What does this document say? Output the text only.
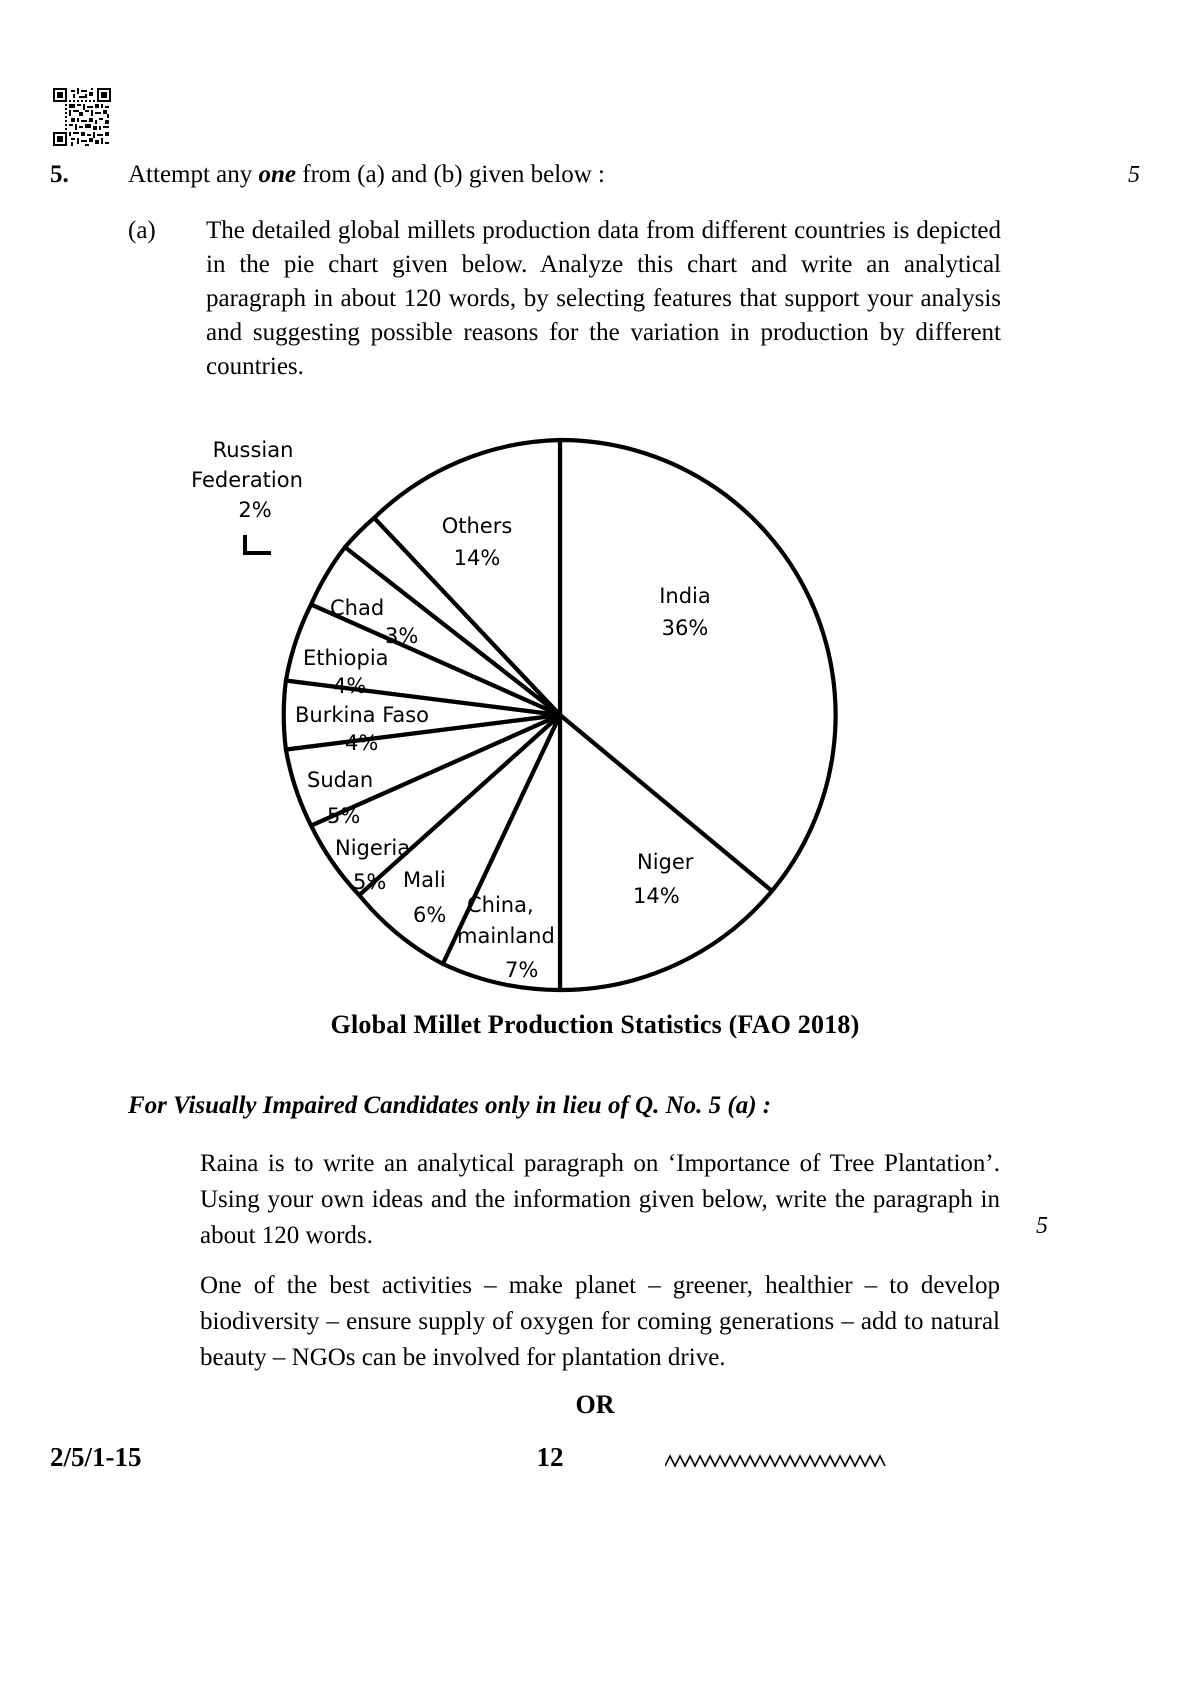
5.	Attempt any one from (a) and (b) given below :	5
(a)	The detailed global millets production data from different countries is depicted in the pie chart given below. Analyze this chart and write an analytical paragraph in about 120 words, by selecting features that support your analysis and suggesting possible reasons for the variation in production by different countries.
Russian
Federation
2%
Others
14%
India
36%
Chad
3%
Ethiopia
4%
Burkina Faso
4%
Sudan
5%
Nigeria
5% Mali
6% China,
mainland
7%
Niger
14%
Global Millet Production Statistics (FAO 2018)
For Visually Impaired Candidates only in lieu of Q. No. 5 (a) :

Raina is to write an analytical paragraph on ‘Importance of Tree Plantation’. Using your own ideas and the information given below, write the paragraph in about 120 words.

One of the best activities – make planet – greener, healthier – to develop biodiversity – ensure supply of oxygen for coming generations – add to natural beauty – NGOs can be involved for plantation drive.

5
OR
2/5/1-15	12
